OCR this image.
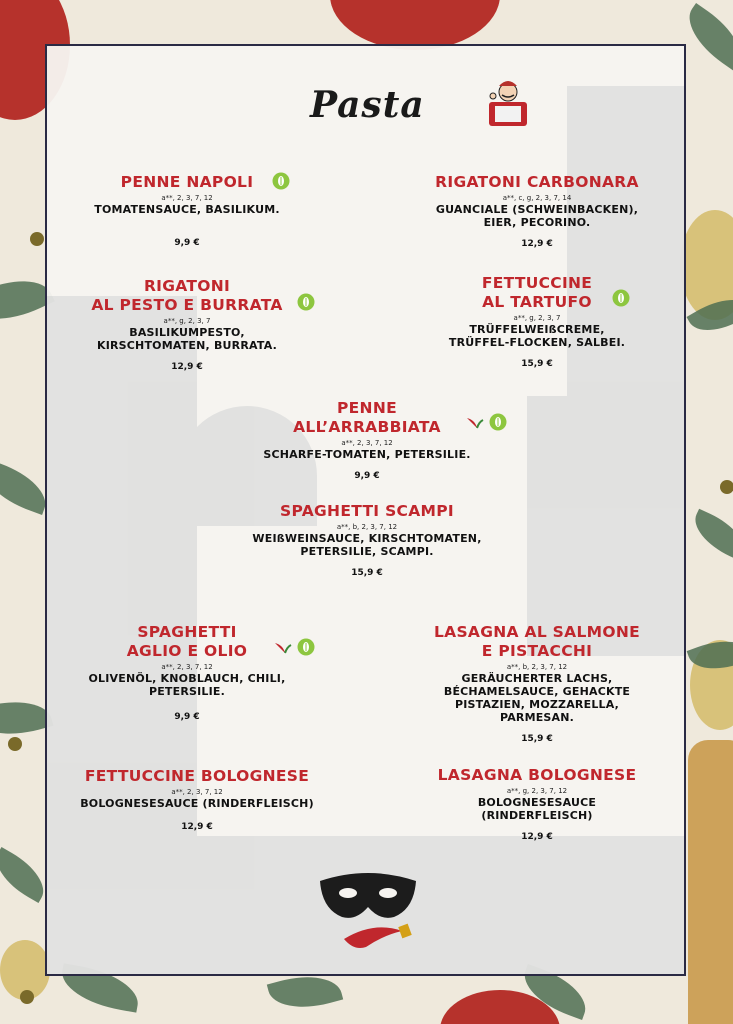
Pasta
PENNE NAPOLI
a**, 2, 3, 7, 12
TOMATENSAUCE, BASILIKUM.
9,9 €
RIGATONI CARBONARA
a**, c, g, 2, 3, 7, 14
GUANCIALE (SCHWEINBACKEN),
EIER, PECORINO.
12,9 €
RIGATONI
AL PESTO E BURRATA
a**, g, 2, 3, 7
BASILIKUMPESTO,
KIRSCHTOMATEN, BURRATA.
12,9 €
FETTUCCINE
AL TARTUFO
a**, g, 2, 3, 7
TRÜFFELWEIßCREME,
TRÜFFEL-FLOCKEN, SALBEI.
15,9 €
PENNE
ALL’ARRABBIATA
a**, 2, 3, 7, 12
SCHARFE-TOMATEN, PETERSILIE.
9,9 €
SPAGHETTI SCAMPI
a**, b, 2, 3, 7, 12
WEIßWEINSAUCE, KIRSCHTOMATEN,
PETERSILIE, SCAMPI.
15,9 €
SPAGHETTI
AGLIO E OLIO
a**, 2, 3, 7, 12
OLIVENÖL, KNOBLAUCH, CHILI,
PETERSILIE.
9,9 €
LASAGNA AL SALMONE
E PISTACCHI
a**, b, 2, 3, 7, 12
GERÄUCHERTER LACHS,
BÉCHAMELSAUCE, GEHACKTE
PISTAZIEN, MOZZARELLA,
PARMESAN.
15,9 €
FETTUCCINE BOLOGNESE
a**, 2, 3, 7, 12
BOLOGNESESAUCE (RINDERFLEISCH)
12,9 €
LASAGNA BOLOGNESE
a**, g, 2, 3, 7, 12
BOLOGNESESAUCE
(RINDERFLEISCH)
12,9 €
